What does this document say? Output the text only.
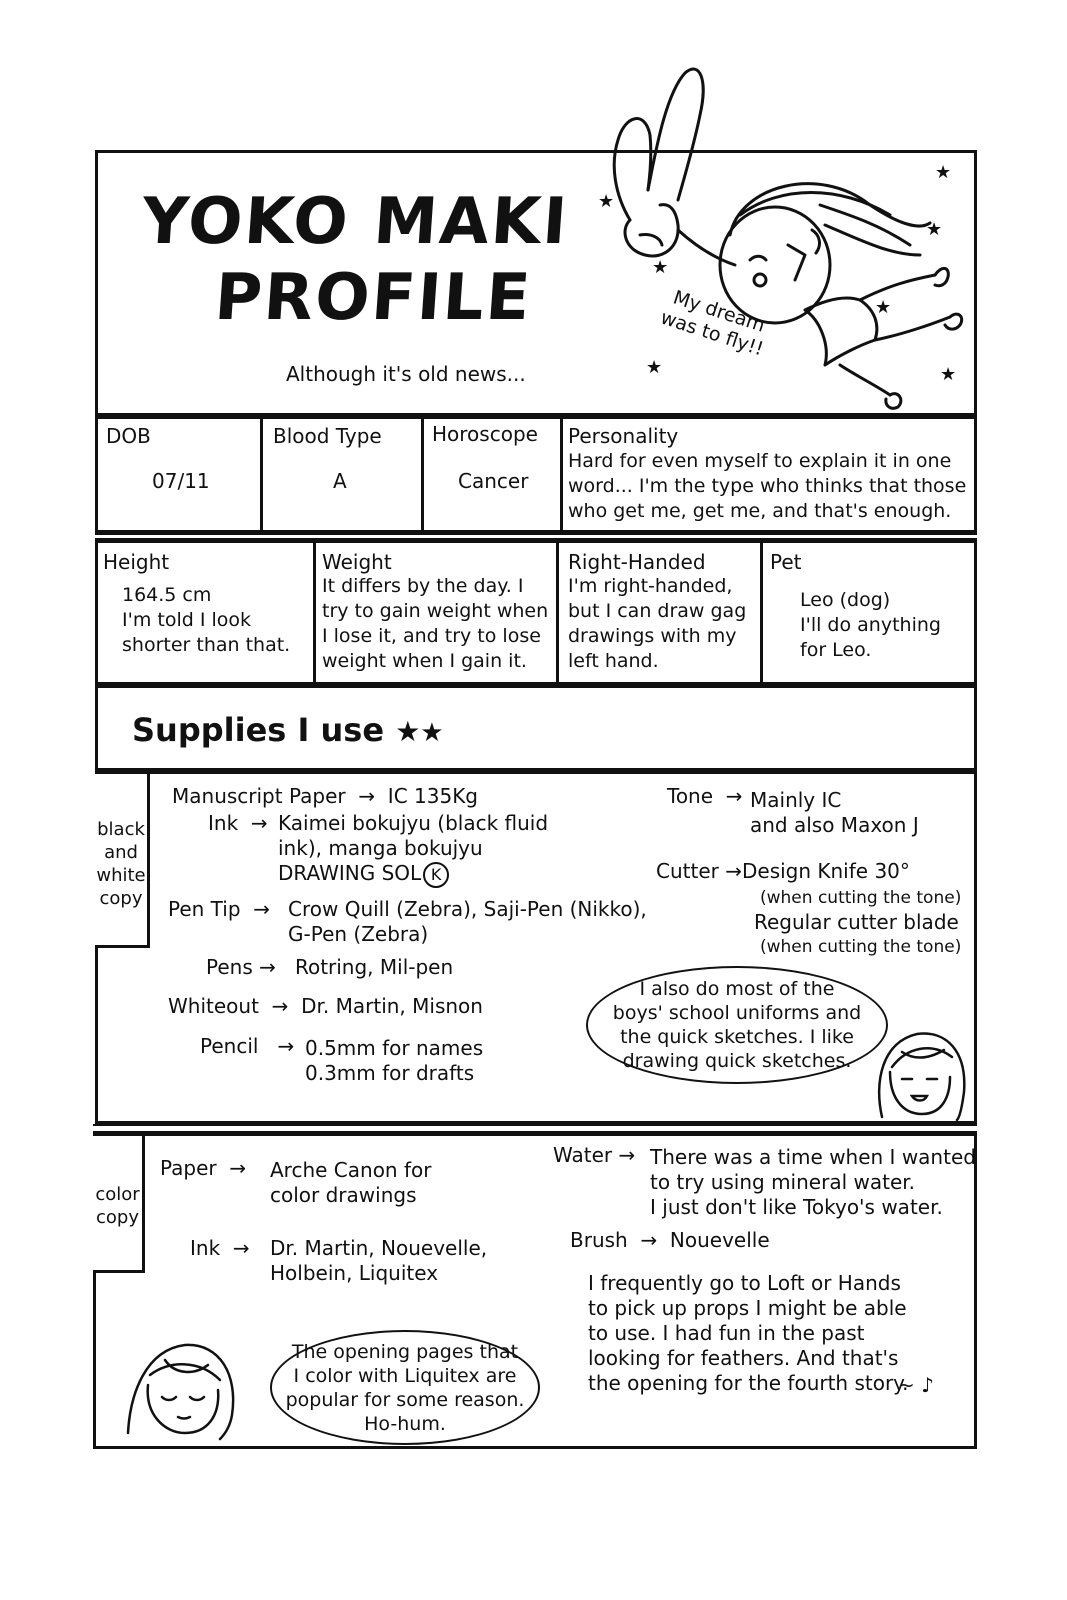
YOKO MAKI
PROFILE
Although it's old news...
★
★
★
★
★
★	★
My dream
was to fly!!
DOB
07/11
Blood Type
A
Horoscope
Cancer
Personality
Hard for even myself to explain it in one
word... I'm the type who thinks that those
who get me, get me, and that's enough.
Height
164.5 cm
I'm told I look
shorter than that.
Weight
It differs by the day. I
try to gain weight when
I lose it, and try to lose
weight when I gain it.
Right-Handed
I'm right-handed,
but I can draw gag
drawings with my
left hand.
Pet
Leo (dog)
I'll do anything
for Leo.
Supplies I use ★★
black
and
white
copy
Manuscript Paper → IC 135Kg
Ink → Kaimei bokujyu (black fluid
ink), manga bokujyu
DRAWING SOL K
Pen Tip → Crow Quill (Zebra), Saji-Pen (Nikko),
G-Pen (Zebra)
Pens → Rotring, Mil-pen
Whiteout → Dr. Martin, Misnon
Pencil → 0.5mm for names
0.3mm for drafts
Tone → Mainly IC
and also Maxon J
Cutter →Design Knife 30°
(when cutting the tone)
Regular cutter blade
(when cutting the tone)
I also do most of the
boys' school uniforms and
the quick sketches. I like
drawing quick sketches.
color
copy
Paper → Arche Canon for
color drawings
Ink → Dr. Martin, Nouevelle,
Holbein, Liquitex
Water → There was a time when I wanted
to try using mineral water.
I just don't like Tokyo's water.
Brush → Nouevelle
I frequently go to Loft or Hands
to pick up props I might be able
to use. I had fun in the past
looking for feathers. And that's
the opening for the fourth story.
~ ♪
The opening pages that
I color with Liquitex are
popular for some reason.
Ho-hum.
